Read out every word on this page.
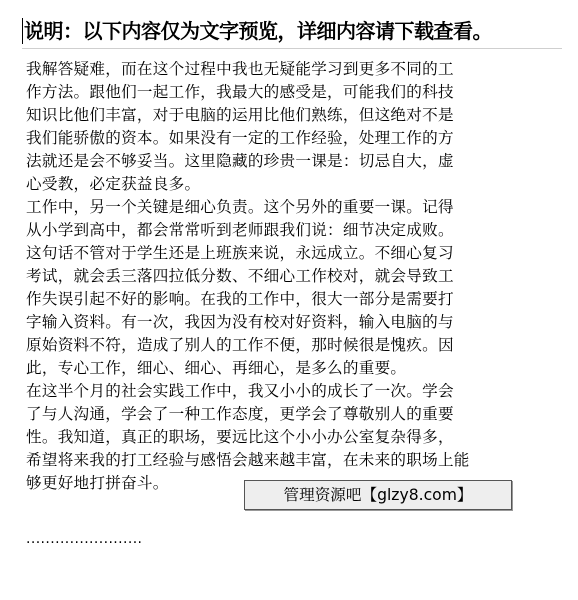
说明：以下内容仅为文字预览，详细内容请下载查看。

我解答疑难，而在这个过程中我也无疑能学习到更多不同的工
作方法。跟他们一起工作，我最大的感受是，可能我们的科技
知识比他们丰富，对于电脑的运用比他们熟练，但这绝对不是
我们能骄傲的资本。如果没有一定的工作经验，处理工作的方
法就还是会不够妥当。这里隐藏的珍贵一课是：切忌自大，虚
心受教，必定获益良多。

工作中，另一个关键是细心负责。这个另外的重要一课。记得
从小学到高中，都会常常听到老师跟我们说：细节决定成败。
这句话不管对于学生还是上班族来说，永远成立。不细心复习
考试，就会丢三落四拉低分数、不细心工作校对，就会导致工
作失误引起不好的影响。在我的工作中，很大一部分是需要打
字输入资料。有一次，我因为没有校对好资料，输入电脑的与
原始资料不符，造成了别人的工作不便，那时候很是愧疚。因
此，专心工作，细心、细心、再细心，是多么的重要。

在这半个月的社会实践工作中，我又小小的成长了一次。学会
了与人沟通，学会了一种工作态度，更学会了尊敬别人的重要
性。我知道，真正的职场，要远比这个小小办公室复杂得多，
希望将来我的打工经验与感悟会越来越丰富，在未来的职场上能
够更好地打拼奋斗。

管理资源吧【glzy8.com】
························
